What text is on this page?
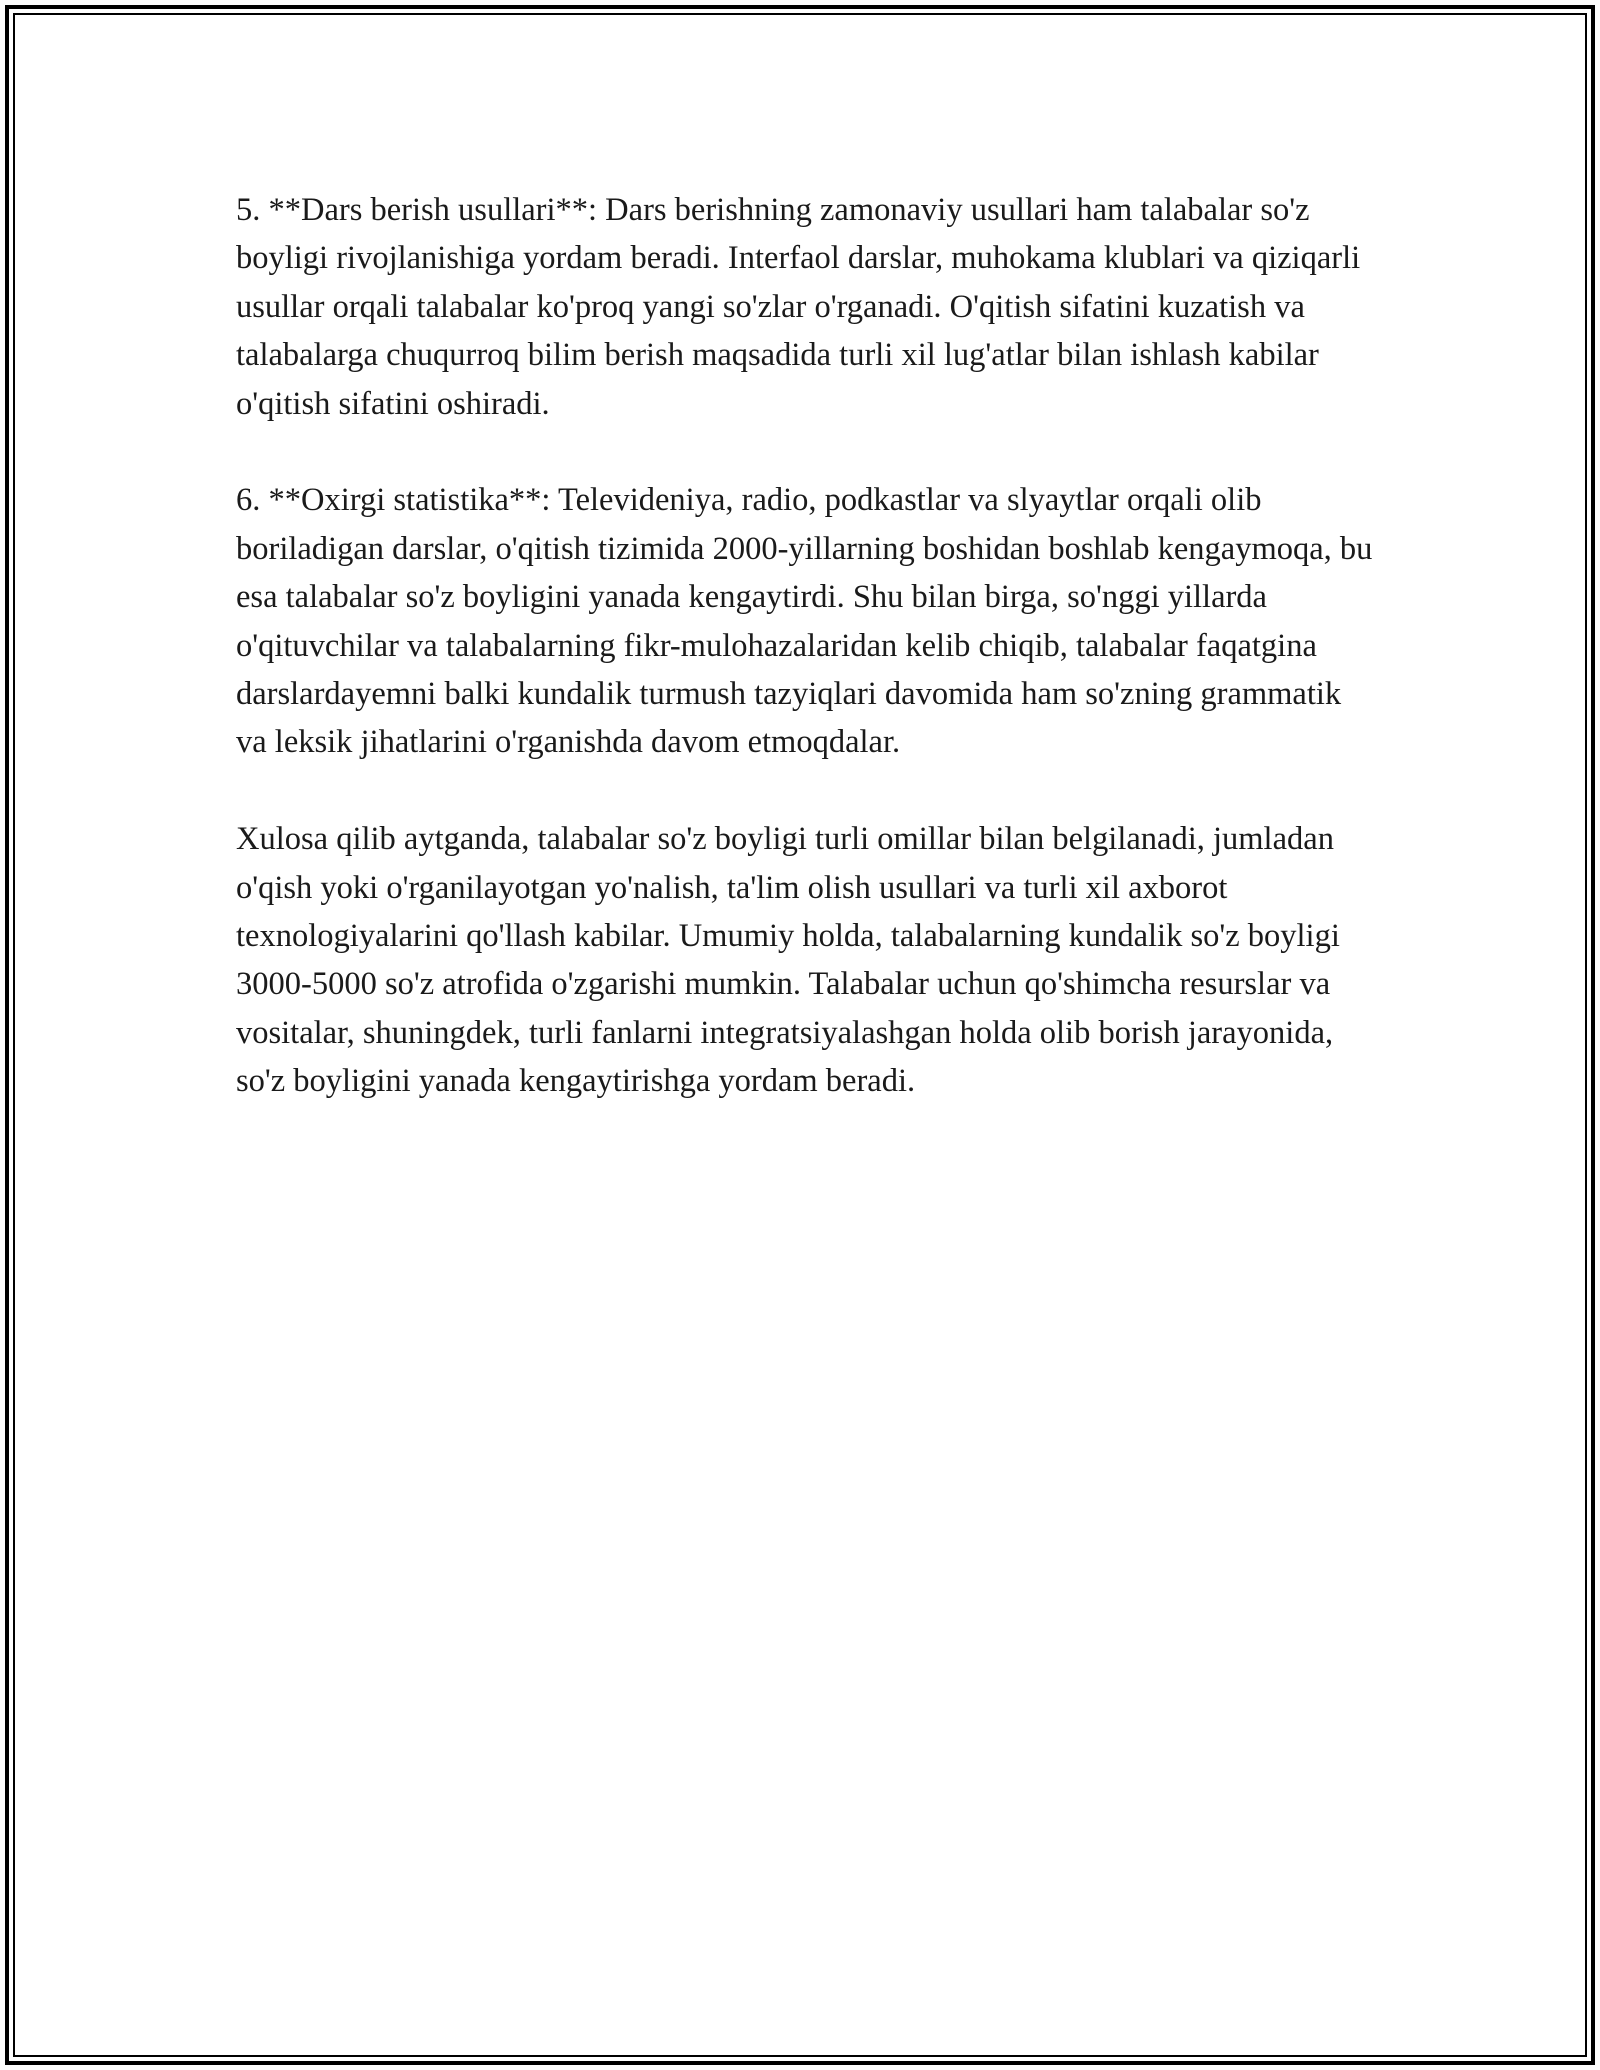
5. **Dars berish usullari**: Dars berishning zamonaviy usullari ham talabalar so'z boyligi rivojlanishiga yordam beradi. Interfaol darslar, muhokama klublari va qiziqarli usullar orqali talabalar ko'proq yangi so'zlar o'rganadi. O'qitish sifatini kuzatish va talabalarga chuqurroq bilim berish maqsadida turli xil lug'atlar bilan ishlash kabilar o'qitish sifatini oshiradi.

6. **Oxirgi statistika**: Televideniya, radio, podkastlar va slyaytlar orqali olib boriladigan darslar, o'qitish tizimida 2000-yillarning boshidan boshlab kengaymoqa, bu esa talabalar so'z boyligini yanada kengaytirdi. Shu bilan birga, so'nggi yillarda o'qituvchilar va talabalarning fikr-mulohazalaridan kelib chiqib, talabalar faqatgina darslardayemni balki kundalik turmush tazyiqlari davomida ham so'zning grammatik va leksik jihatlarini o'rganishda davom etmoqdalar.

Xulosa qilib aytganda, talabalar so'z boyligi turli omillar bilan belgilanadi, jumladan o'qish yoki o'rganilayotgan yo'nalish, ta'lim olish usullari va turli xil axborot texnologiyalarini qo'llash kabilar. Umumiy holda, talabalarning kundalik so'z boyligi 3000-5000 so'z atrofida o'zgarishi mumkin. Talabalar uchun qo'shimcha resurslar va vositalar, shuningdek, turli fanlarni integratsiyalashgan holda olib borish jarayonida, so'z boyligini yanada kengaytirishga yordam beradi.
